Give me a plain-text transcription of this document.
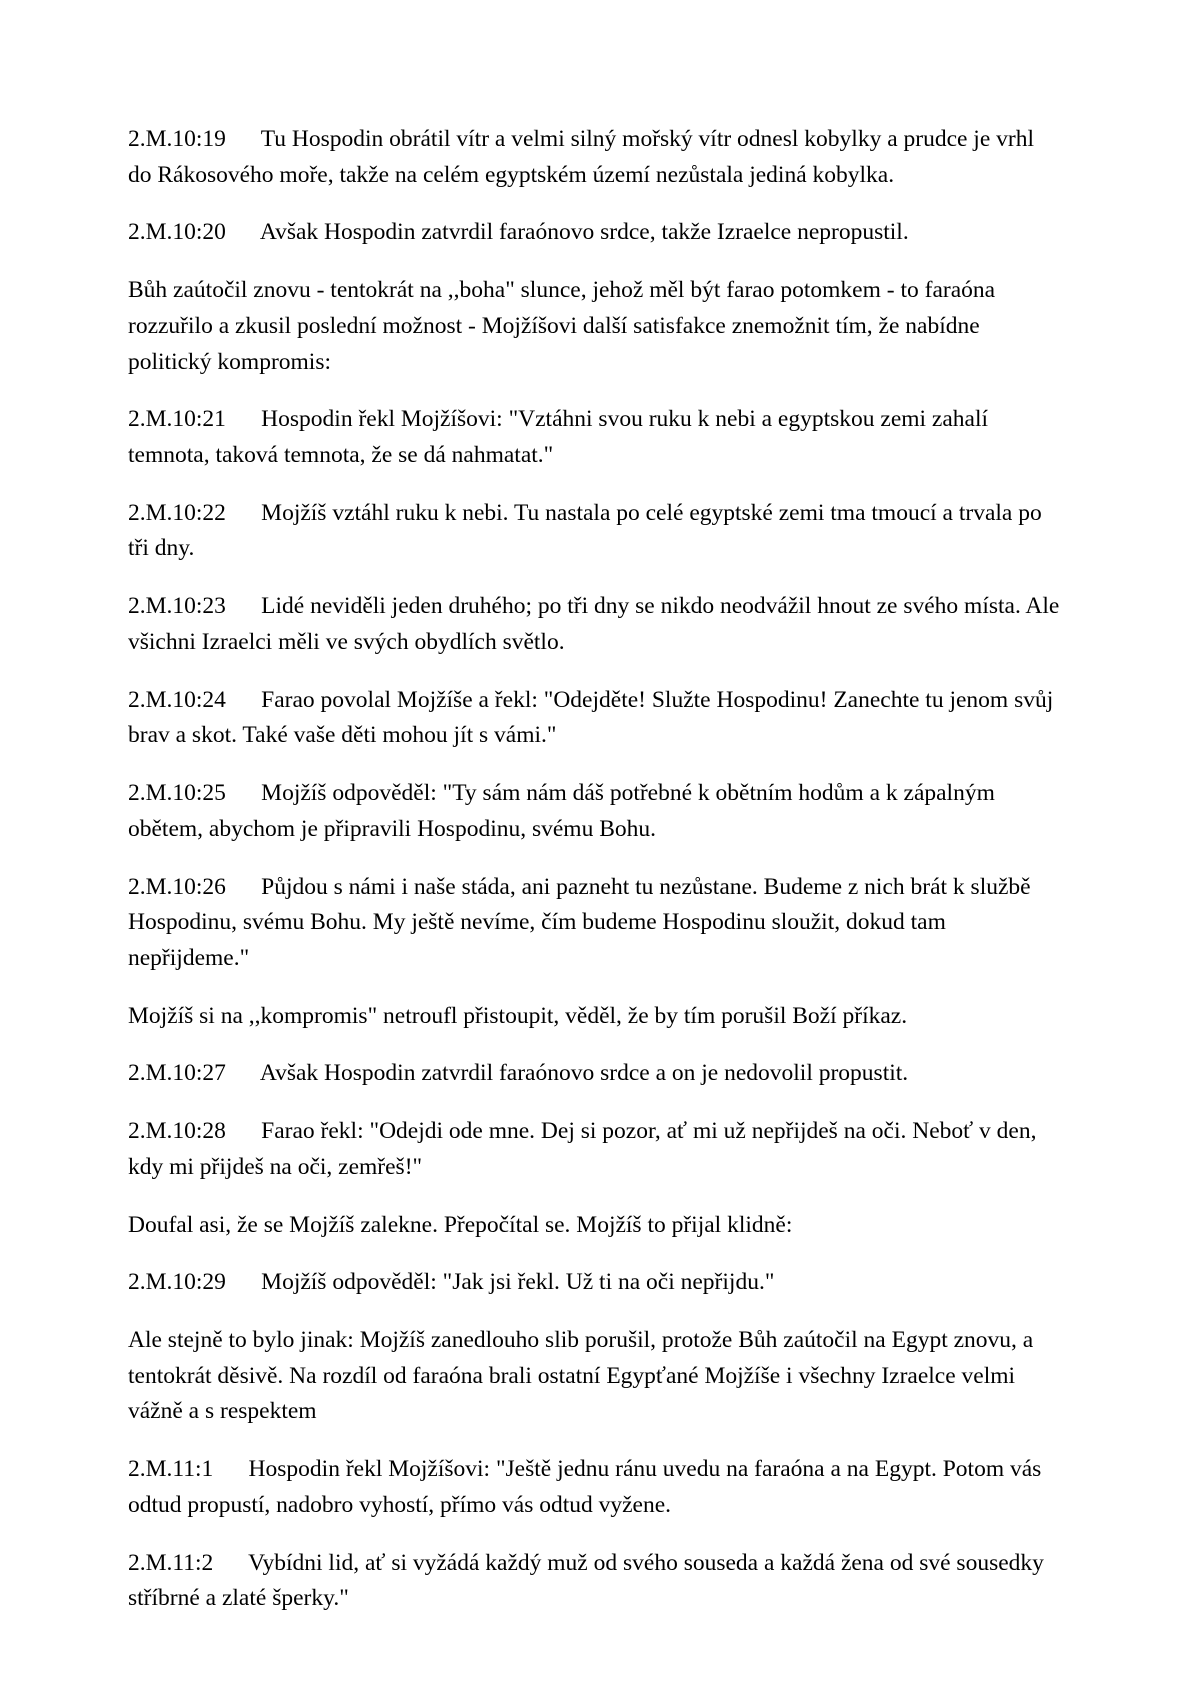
2.M.10:19      Tu Hospodin obrátil vítr a velmi silný mořský vítr odnesl kobylky a prudce je vrhl do Rákosového moře, takže na celém egyptském území nezůstala jediná kobylka.

2.M.10:20      Avšak Hospodin zatvrdil faraónovo srdce, takže Izraelce nepropustil.

Bůh zaútočil znovu - tentokrát na ,,boha" slunce, jehož měl být farao potomkem - to faraóna rozzuřilo a zkusil poslední možnost - Mojžíšovi další satisfakce znemožnit tím, že nabídne politický kompromis:

2.M.10:21      Hospodin řekl Mojžíšovi: "Vztáhni svou ruku k nebi a egyptskou zemi zahalí temnota, taková temnota, že se dá nahmatat."

2.M.10:22      Mojžíš vztáhl ruku k nebi. Tu nastala po celé egyptské zemi tma tmoucí a trvala po tři dny.

2.M.10:23      Lidé neviděli jeden druhého; po tři dny se nikdo neodvážil hnout ze svého místa. Ale všichni Izraelci měli ve svých obydlích světlo.

2.M.10:24      Farao povolal Mojžíše a řekl: "Odejděte! Služte Hospodinu! Zanechte tu jenom svůj brav a skot. Také vaše děti mohou jít s vámi."

2.M.10:25      Mojžíš odpověděl: "Ty sám nám dáš potřebné k obětním hodům a k zápalným obětem, abychom je připravili Hospodinu, svému Bohu.

2.M.10:26      Půjdou s námi i naše stáda, ani pazneht tu nezůstane. Budeme z nich brát k službě Hospodinu, svému Bohu. My ještě nevíme, čím budeme Hospodinu sloužit, dokud tam nepřijdeme."

Mojžíš si na ,,kompromis" netroufl přistoupit, věděl, že by tím porušil Boží příkaz.

2.M.10:27      Avšak Hospodin zatvrdil faraónovo srdce a on je nedovolil propustit.

2.M.10:28      Farao řekl: "Odejdi ode mne. Dej si pozor, ať mi už nepřijdeš na oči. Neboť v den, kdy mi přijdeš na oči, zemřeš!"

Doufal asi, že se Mojžíš zalekne. Přepočítal se. Mojžíš to přijal klidně:

2.M.10:29      Mojžíš odpověděl: "Jak jsi řekl. Už ti na oči nepřijdu."

Ale stejně to bylo jinak: Mojžíš zanedlouho slib porušil, protože Bůh zaútočil na Egypt znovu, a tentokrát děsivě. Na rozdíl od faraóna brali ostatní Egypťané Mojžíše i všechny Izraelce velmi vážně a s respektem

2.M.11:1      Hospodin řekl Mojžíšovi: "Ještě jednu ránu uvedu na faraóna a na Egypt. Potom vás odtud propustí, nadobro vyhostí, přímo vás odtud vyžene.

2.M.11:2      Vybídni lid, ať si vyžádá každý muž od svého souseda a každá žena od své sousedky stříbrné a zlaté šperky."
